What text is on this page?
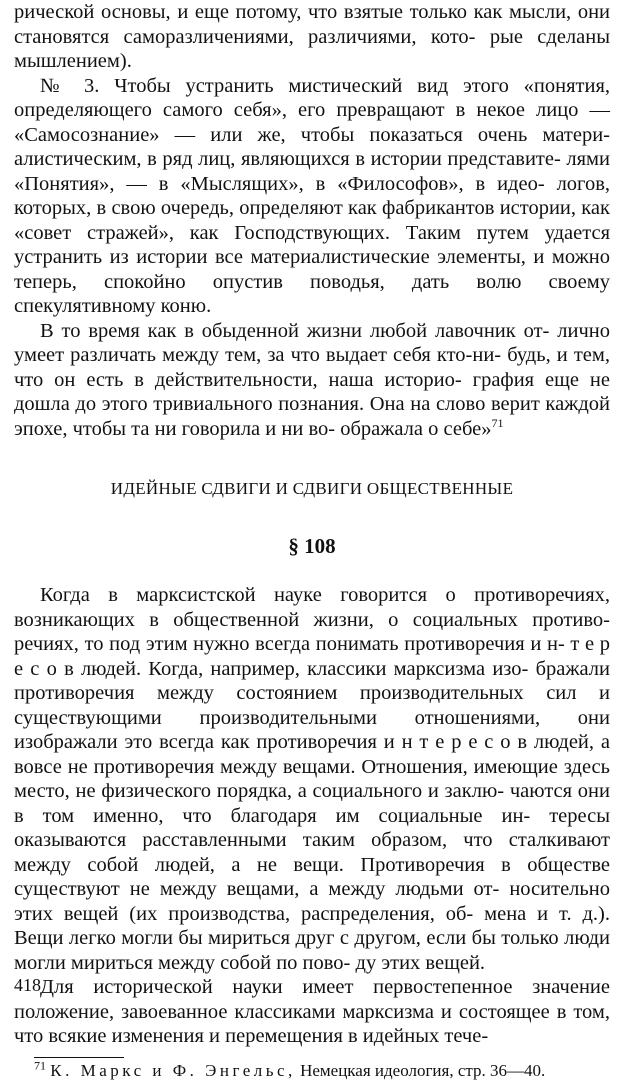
рической основы, и еще потому, что взятые только как мысли, они становятся саморазличениями, различиями, кото- рые сделаны мышлением).

№ 3. Чтобы устранить мистический вид этого «понятия, определяющего самого себя», его превращают в некое лицо — «Самосознание» — или же, чтобы показаться очень матери- алистическим, в ряд лиц, являющихся в истории представите- лями «Понятия», — в «Мыслящих», в «Философов», в идео- логов, которых, в свою очередь, определяют как фабрикантов истории, как «совет стражей», как Господствующих. Таким путем удается устранить из истории все материалистические элементы, и можно теперь, спокойно опустив поводья, дать волю своему спекулятивному коню.

В то время как в обыденной жизни любой лавочник от- лично умеет различать между тем, за что выдает себя кто-ни- будь, и тем, что он есть в действительности, наша историо- графия еще не дошла до этого тривиального познания. Она на слово верит каждой эпохе, чтобы та ни говорила и ни во- ображала о себе»$^{71}$

ИДЕЙНЫЕ СДВИГИ И СДВИГИ ОБЩЕСТВЕННЫЕ
§ 108

Когда в марксистской науке говорится о противоречиях, возникающих в общественной жизни, о социальных противо- речиях, то под этим нужно всегда понимать противоречия и н- т е р е с о в людей. Когда, например, классики марксизма изо- бражали противоречия между состоянием производительных сил и существующими производительными отношениями, они изображали это всегда как противоречия и н т е р е с о в людей, а вовсе не противоречия между вещами. Отношения, имеющие здесь место, не физического порядка, а социального и заклю- чаются они в том именно, что благодаря им социальные ин- тересы оказываются расставленными таким образом, что сталкивают между собой людей, а не вещи. Противоречия в обществе существуют не между вещами, а между людьми от- носительно этих вещей (их производства, распределения, об- мена и т. д.). Вещи легко могли бы мириться друг с другом, если бы только люди могли мириться между собой по пово- ду этих вещей.

Для исторической науки имеет первостепенное значение положение, завоеванное классиками марксизма и состоящее в том, что всякие изменения и перемещения в идейных тече-

$^{71}$ К. Маркс и Ф. Энгельс, Немецкая идеология, стр. 36—40.
418
